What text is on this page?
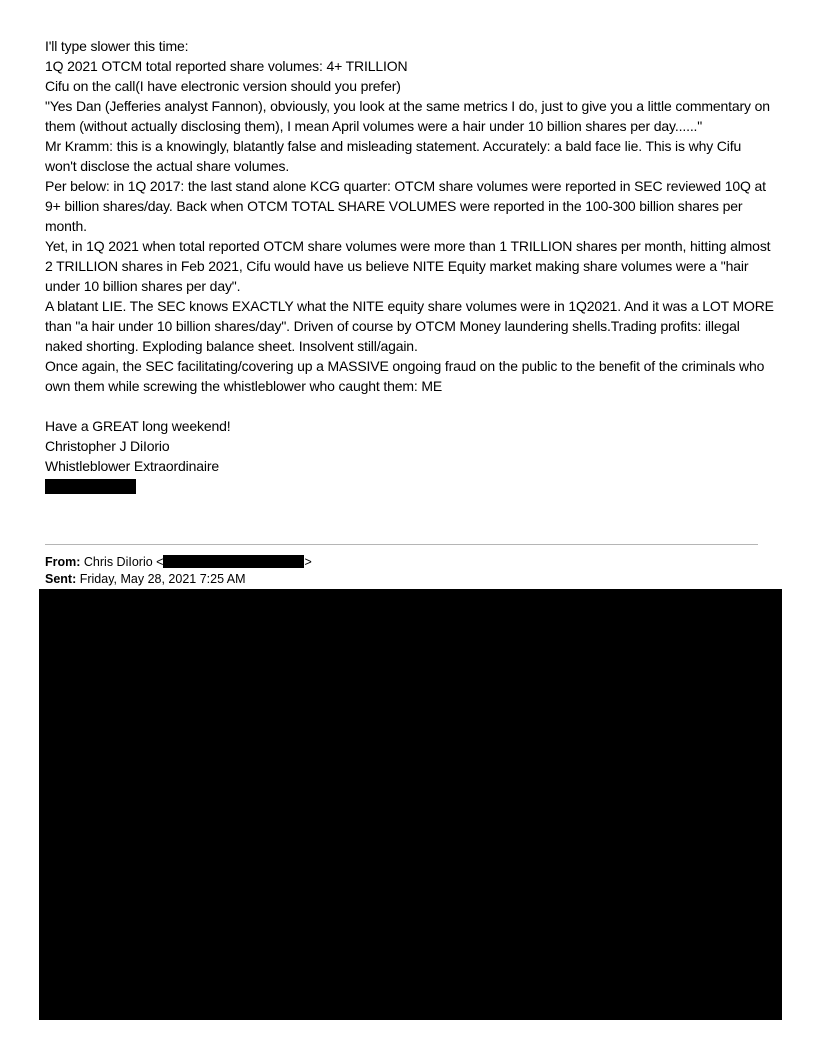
I'll type slower this time:

1Q 2021 OTCM total reported share volumes: 4+ TRILLION

Cifu on the call(I have electronic version should you prefer)

"Yes Dan (Jefferies analyst Fannon), obviously, you look at the same metrics I do, just to give you a little commentary on them (without actually disclosing them), I mean April volumes were a hair under 10 billion shares per day......"

Mr Kramm: this is a knowingly, blatantly false and misleading statement. Accurately: a bald face lie. This is why Cifu won't disclose the actual share volumes.

Per below: in 1Q 2017: the last stand alone KCG quarter: OTCM share volumes were reported in SEC reviewed 10Q at 9+ billion shares/day. Back when OTCM TOTAL SHARE VOLUMES were reported in the 100-300 billion shares per month.

Yet, in 1Q 2021 when total reported OTCM share volumes were more than 1 TRILLION shares per month, hitting almost 2 TRILLION shares in Feb 2021, Cifu would have us believe NITE Equity market making share volumes were a "hair under 10 billion shares per day".

A blatant LIE. The SEC knows EXACTLY what the NITE equity share volumes were in 1Q2021. And it was a LOT MORE than "a hair under 10 billion shares/day". Driven of course by OTCM Money laundering shells.Trading profits: illegal naked shorting. Exploding balance sheet. Insolvent still/again.

Once again, the SEC facilitating/covering up a MASSIVE ongoing fraud on the public to the benefit of the criminals who own them while screwing the whistleblower who caught them: ME

Have a GREAT long weekend!

Christopher J DiIorio

Whistleblower Extraordinaire

From: Chris DiIorio <	>
Sent: Friday, May 28, 2021 7:25 AM
